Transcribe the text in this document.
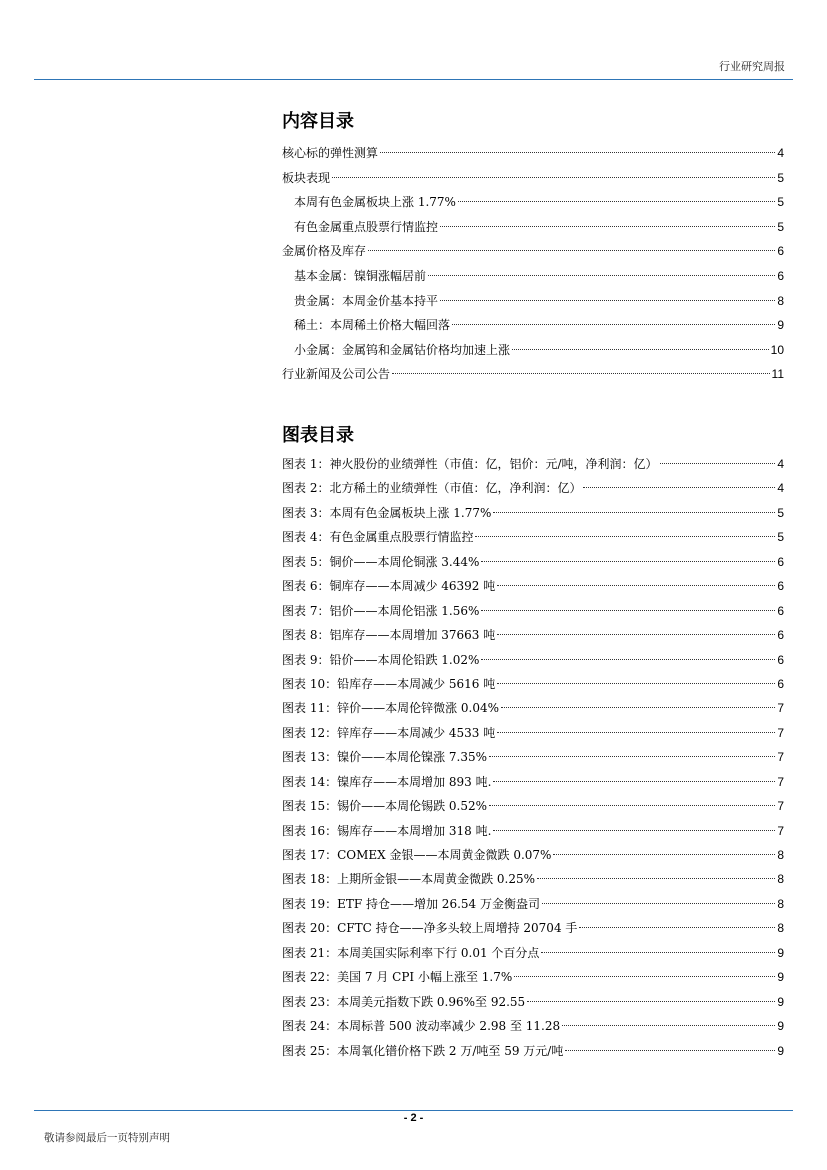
行业研究周报
内容目录
核心标的弹性测算	4
板块表现	5
本周有色金属板块上涨 1.77%	5
有色金属重点股票行情监控	5
金属价格及库存	6
基本金属：镍铜涨幅居前	6
贵金属：本周金价基本持平	8
稀土：本周稀土价格大幅回落	9
小金属：金属钨和金属钴价格均加速上涨	10
行业新闻及公司公告	11
图表目录
图表 1：神火股份的业绩弹性（市值：亿，铝价：元/吨，净利润：亿）	4
图表 2：北方稀土的业绩弹性（市值：亿，净利润：亿）	4
图表 3：本周有色金属板块上涨 1.77%	5
图表 4：有色金属重点股票行情监控	5
图表 5：铜价——本周伦铜涨 3.44%	6
图表 6：铜库存——本周减少 46392 吨	6
图表 7：铝价——本周伦铝涨 1.56%	6
图表 8：铝库存——本周增加 37663 吨	6
图表 9：铅价——本周伦铅跌 1.02%	6
图表 10：铅库存——本周减少 5616 吨	6
图表 11：锌价——本周伦锌微涨 0.04%	7
图表 12：锌库存——本周减少 4533 吨	7
图表 13：镍价——本周伦镍涨 7.35%	7
图表 14：镍库存——本周增加 893 吨.	7
图表 15：锡价——本周伦锡跌 0.52%	7
图表 16：锡库存——本周增加 318 吨.	7
图表 17：COMEX 金银——本周黄金微跌 0.07%	8
图表 18：上期所金银——本周黄金微跌 0.25%	8
图表 19：ETF 持仓——增加 26.54 万金衡盎司	8
图表 20：CFTC 持仓——净多头较上周增持 20704 手	8
图表 21：本周美国实际利率下行 0.01 个百分点	9
图表 22：美国 7 月 CPI 小幅上涨至 1.7%	9
图表 23：本周美元指数下跌 0.96%至 92.55	9
图表 24：本周标普 500 波动率减少 2.98 至 11.28	9
图表 25：本周氧化镨价格下跌 2 万/吨至 59 万元/吨	9
- 2 -
敬请参阅最后一页特别声明
